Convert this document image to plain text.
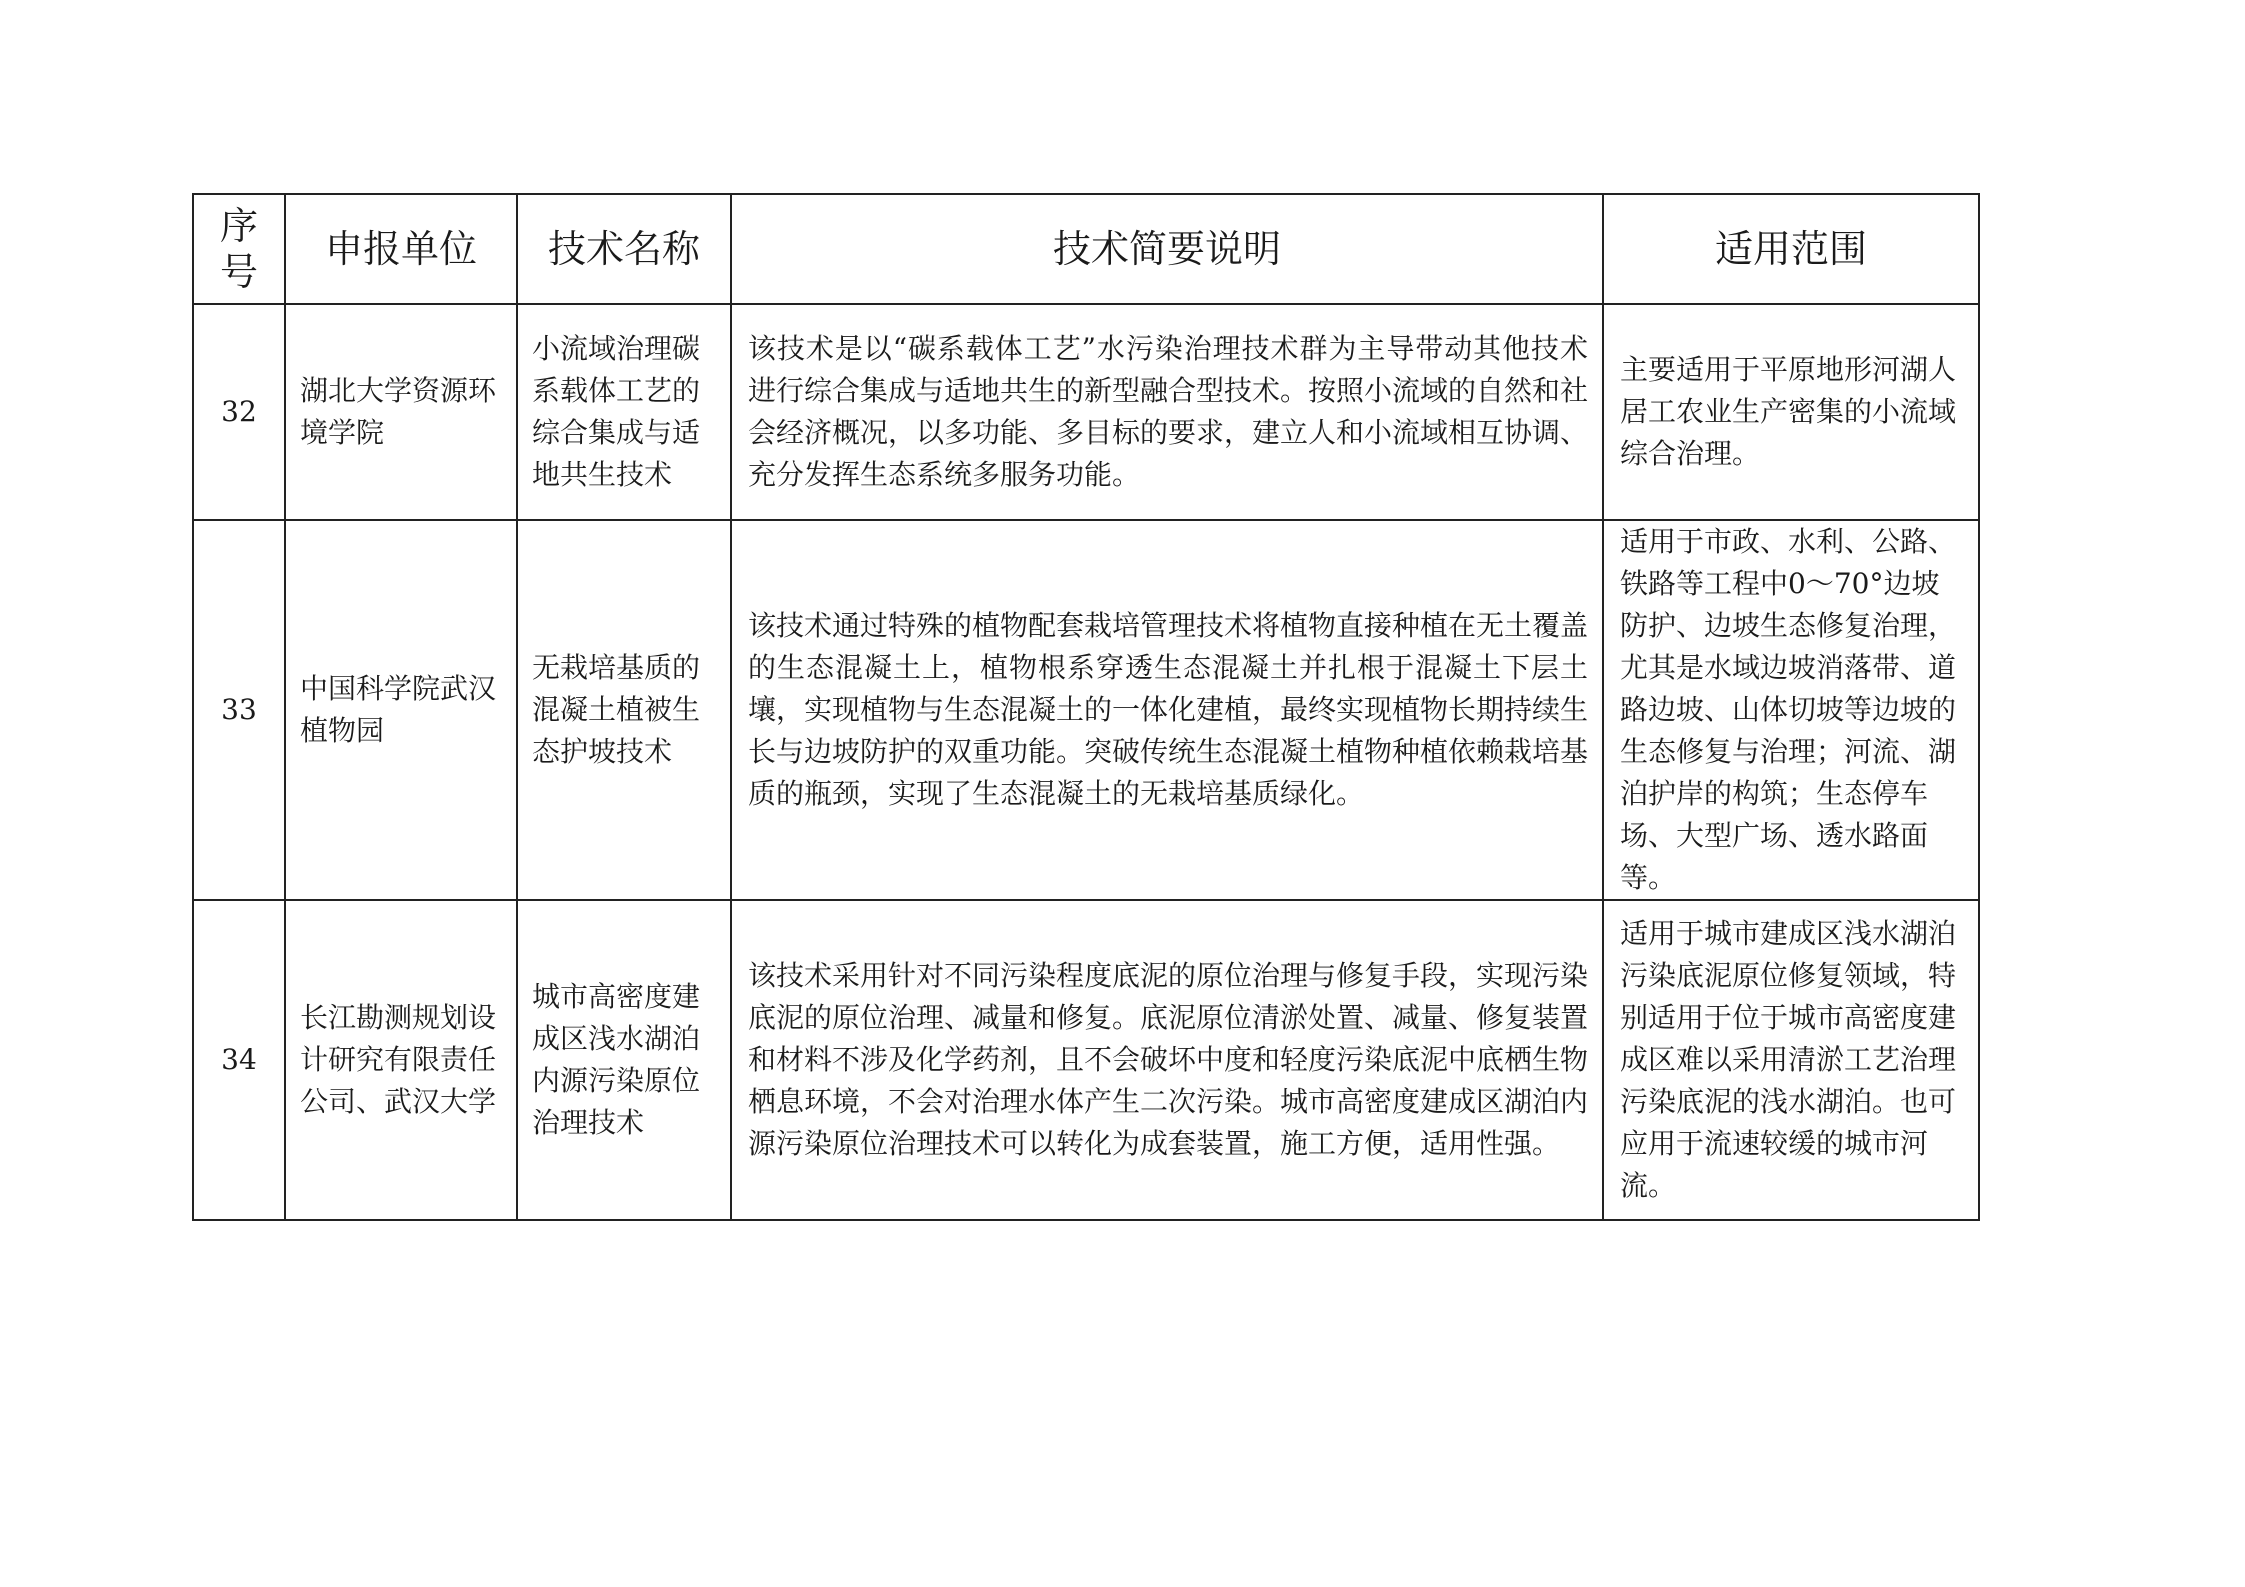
序号	申报单位	技术名称	技术简要说明	适用范围
32	湖北大学资源环境学院	小流域治理碳系载体工艺的综合集成与适地共生技术	该技术是以“碳系载体工艺”水污染治理技术群为主导带动其他技术进行综合集成与适地共生的新型融合型技术。按照小流域的自然和社会经济概况，以多功能、多目标的要求，建立人和小流域相互协调、充分发挥生态系统多服务功能。	主要适用于平原地形河湖人居工农业生产密集的小流域综合治理。

33	中国科学院武汉植物园	无栽培基质的混凝土植被生态护坡技术	该技术通过特殊的植物配套栽培管理技术将植物直接种植在无土覆盖的生态混凝土上，植物根系穿透生态混凝土并扎根于混凝土下层土壤，实现植物与生态混凝土的一体化建植，最终实现植物长期持续生长与边坡防护的双重功能。突破传统生态混凝土植物种植依赖栽培基质的瓶颈，实现了生态混凝土的无栽培基质绿化。	适用于市政、水利、公路、铁路等工程中0～70°边坡防护、边坡生态修复治理，尤其是水域边坡消落带、道路边坡、山体切坡等边坡的生态修复与治理；河流、湖泊护岸的构筑；生态停车场、大型广场、透水路面等。

34	长江勘测规划设计研究有限责任公司、武汉大学	城市高密度建成区浅水湖泊内源污染原位治理技术	该技术采用针对不同污染程度底泥的原位治理与修复手段，实现污染底泥的原位治理、减量和修复。底泥原位清淤处置、减量、修复装置和材料不涉及化学药剂，且不会破坏中度和轻度污染底泥中底栖生物栖息环境，不会对治理水体产生二次污染。城市高密度建成区湖泊内源污染原位治理技术可以转化为成套装置，施工方便，适用性强。	适用于城市建成区浅水湖泊污染底泥原位修复领域，特别适用于位于城市高密度建成区难以采用清淤工艺治理污染底泥的浅水湖泊。也可应用于流速较缓的城市河流。
